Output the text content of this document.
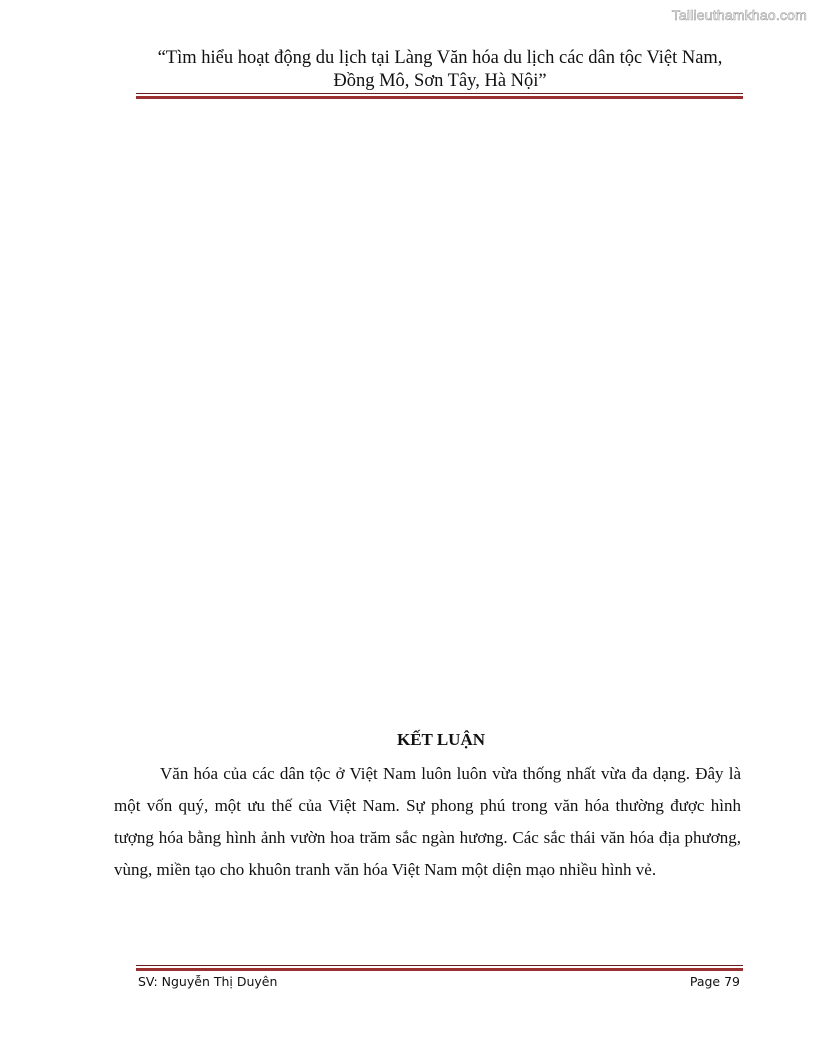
Tailieuthamkhao.com
“Tìm hiểu hoạt động du lịch tại Làng Văn hóa du lịch các dân tộc Việt Nam,
Đồng Mô, Sơn Tây, Hà Nội”
KẾT LUẬN

Văn hóa của các dân tộc ở Việt Nam luôn luôn vừa thống nhất vừa đa dạng. Đây là một vốn quý, một ưu thế của Việt Nam. Sự phong phú trong văn hóa thường được hình tượng hóa bằng hình ảnh vườn hoa trăm sắc ngàn hương. Các sắc thái văn hóa địa phương, vùng, miền tạo cho khuôn tranh văn hóa Việt Nam một diện mạo nhiều hình vẻ.

SV: Nguyễn Thị Duyên	Page 79
